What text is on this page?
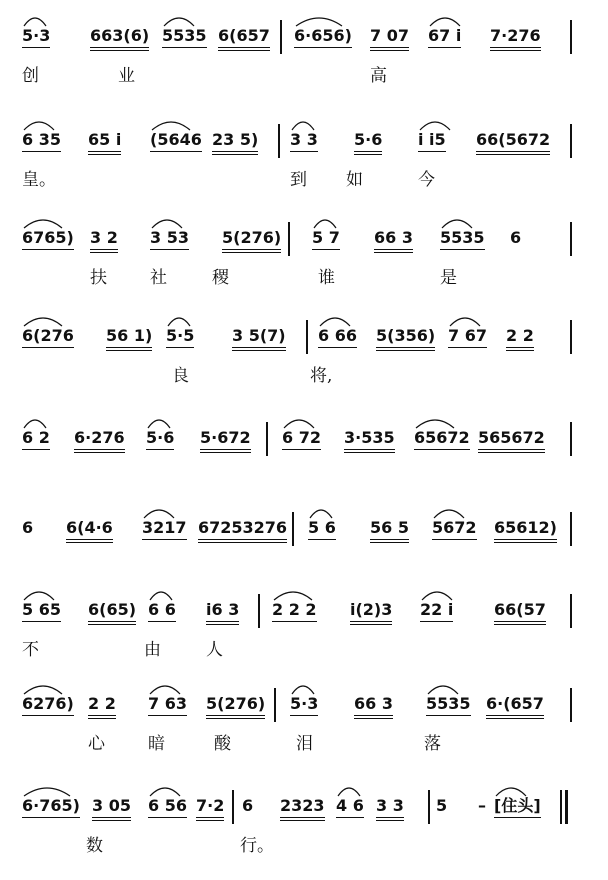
5·3 663(6) 5535 6(657 6·656) 7 07 67 i 7·276
创	业	高
6 35 65 i (5646 23 5) 3 3 5·6 i i5 66(5672
皇。	到 如	今
6765) 3 2 3 53 5(276) 5 7 66 3 5535 6
扶	社	稷	谁	是
6(276 56 1) 5·5 3 5(7) 6 66 5(356) 7 67 2 2
良	将,
6 2 6·276 5·6 5·672 6 72 3·535 65672 565672
6 6(4·6 3217 67253276 5 6 56 5 5672 65612)
5 65 6(65) 6 6 i6 3 2 2 2 i(2)3 22 i	66(57
不	由	人
6276) 2 2 7 63 5(276) 5·3 66 3 5535 6·(657
心	暗	酸	泪	落
6·765) 3 05 6 56 7·2 6 2323 4 6 3 3 5 – [住头]
数	行。
